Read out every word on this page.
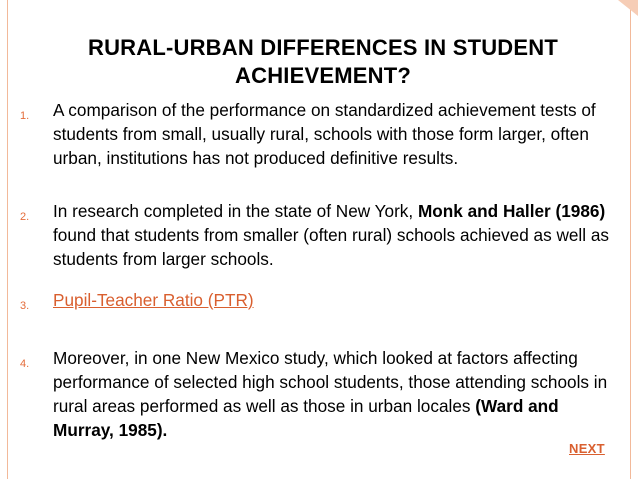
RURAL-URBAN DIFFERENCES IN STUDENT
ACHIEVEMENT?
1.	A comparison of the performance on standardized achievement tests of students from small, usually rural, schools with those form larger, often urban, institutions has not produced definitive results.
2.	In research completed in the state of New York, Monk and Haller (1986) found that students from smaller (often rural) schools achieved as well as students from larger schools.
3.	Pupil-Teacher Ratio (PTR)
4.	Moreover, in one New Mexico study, which looked at factors affecting performance of selected high school students, those attending schools in rural areas performed as well as those in urban locales (Ward and Murray, 1985).
NEXT
